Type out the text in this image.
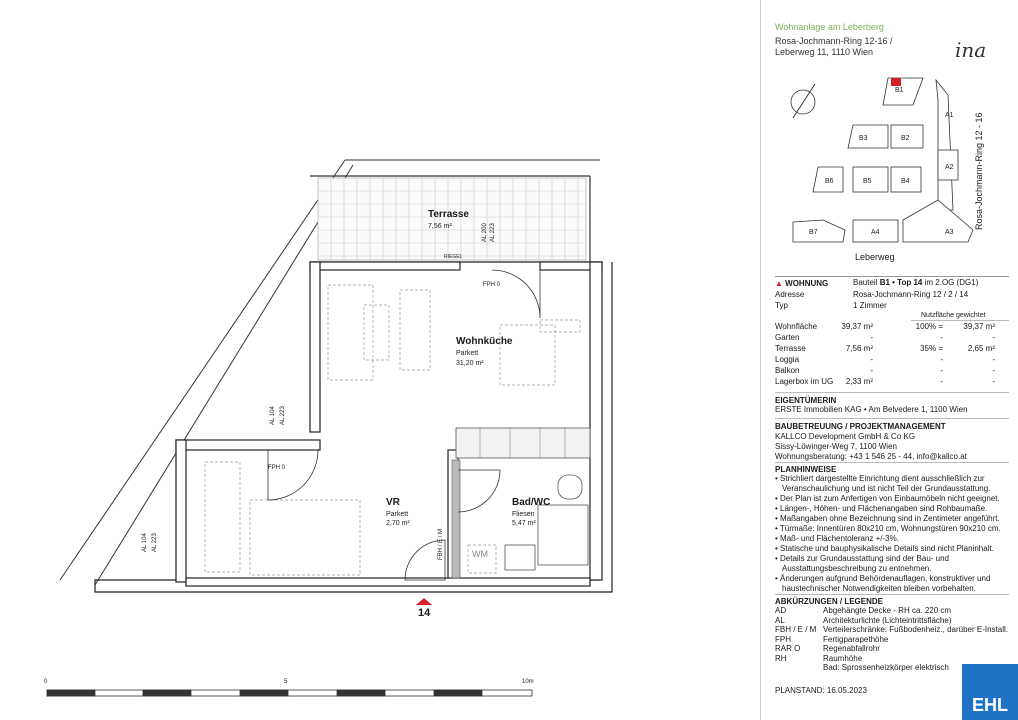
Terrasse
7,56 m²
Wohnküche
Parkett
31,20 m²
VR
Parkett
2,70 m²
Bad/WC
Fliesen
5,47 m²
FPH 0
FPH 0
RIEGEL
WM
FBH / E / M
AL 200 AL 223
AL 104 AL 223
AL 104 AL 223
14
0	5	10m
Wohnanlage am Leberberg
Rosa-Jochmann-Ring 12-16 /
Leberweg 11, 1110 Wien	ina
B1
A1
B3	B2
A2
B6	B5	B4
B7	A4	A3
Rosa-Jochmann-Ring 12 - 16
Leberweg
▲ WOHNUNG	Bauteil B1 • Top 14 im 2.OG (DG1)
Adresse	Rosa-Jochmann-Ring 12 / 2 / 14
Typ	1 Zimmer
Nutzfläche gewichtet
Wohnfläche	39,37 m²	100% =	39,37 m²
Garten	-	-	-
Terrasse	7,56 m²	35% =	2,65 m²
Loggia	-	-	-
Balkon	-	-	-
Lagerbox im UG	2,33 m²	-	-
EIGENTÜMERIN
ERSTE Immobilien KAG • Am Belvedere 1, 1100 Wien
BAUBETREUUNG / PROJEKTMANAGEMENT
KALLCO Development GmbH & Co KG
Sissy-Löwinger-Weg 7, 1100 Wien
Wohnungsberatung: +43 1 546 25 - 44, info@kallco.at
PLANHINWEISE
• Strichliert dargestellte Einrichtung dient ausschließlich zur Veranschaulichung und ist nicht Teil der Grundausstattung.
• Der Plan ist zum Anfertigen von Einbaumöbeln nicht geeignet.
• Längen-, Höhen- und Flächenangaben sind Rohbaumaße.
• Maßangaben ohne Bezeichnung sind in Zentimeter angeführt.
• Türmaße: Innentüren 80x210 cm, Wohnungstüren 90x210 cm.
• Maß- und Flächentoleranz +/-3%.
• Statische und bauphysikalische Details sind nicht Planinhalt.
• Details zur Grundausstattung sind der Bau- und Ausstattungsbeschreibung zu entnehmen.
• Änderungen aufgrund Behördenauflagen, konstruktiver und haustechnischer Notwendigkeiten bleiben vorbehalten.
ABKÜRZUNGEN / LEGENDE
AD	Abgehängte Decke - RH ca. 220 cm
AL	Architekturlichte (Lichteintrittsfläche)
FBH / E / M Verteilerschränke: Fußbodenheiz., darüber E-Install.
FPH	Fertigparapethöhe
RAR O	Regenabfallrohr
RH	Raumhöhe
Bad: Sprossenheizkörper elektrisch
PLANSTAND: 16.05.2023
EHL
